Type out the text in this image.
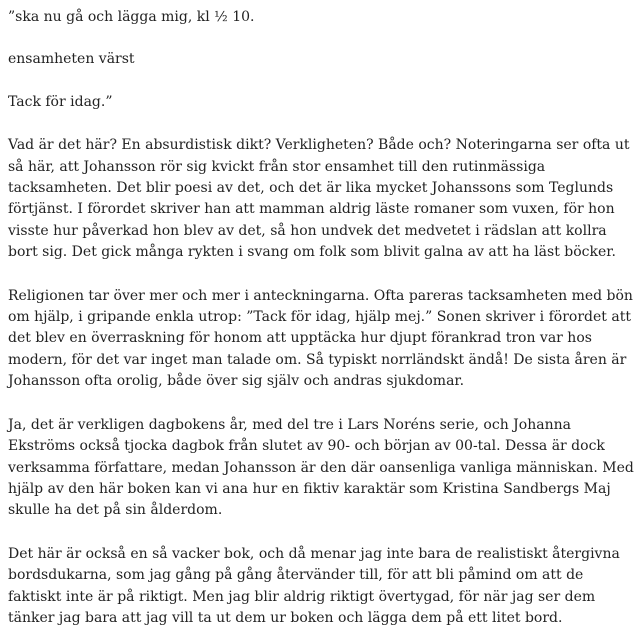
”ska nu gå och lägga mig, kl ½ 10.

ensamheten värst

Tack för idag.”

Vad är det här? En absurdistisk dikt? Verkligheten? Både och? Noteringarna ser ofta ut så här, att Johansson rör sig kvickt från stor ensamhet till den rutinmässiga tacksamheten. Det blir poesi av det, och det är lika mycket Johanssons som Teglunds förtjänst. I förordet skriver han att mamman aldrig läste romaner som vuxen, för hon visste hur påverkad hon blev av det, så hon undvek det medvetet i rädslan att kollra bort sig. Det gick många rykten i svang om folk som blivit galna av att ha läst böcker.

Religionen tar över mer och mer i anteckningarna. Ofta pareras tacksamheten med bön om hjälp, i gripande enkla utrop: ”Tack för idag, hjälp mej.” Sonen skriver i förordet att det blev en överraskning för honom att upptäcka hur djupt förankrad tron var hos modern, för det var inget man talade om. Så typiskt norrländskt ändå! De sista åren är Johansson ofta orolig, både över sig själv och andras sjukdomar.

Ja, det är verkligen dagbokens år, med del tre i Lars Noréns serie, och Johanna Ekströms också tjocka dagbok från slutet av 90- och början av 00-tal. Dessa är dock verksamma författare, medan Johansson är den där oansenliga vanliga människan. Med hjälp av den här boken kan vi ana hur en fiktiv karaktär som Kristina Sandbergs Maj skulle ha det på sin ålderdom.

Det här är också en så vacker bok, och då menar jag inte bara de realistiskt återgivna bordsdukarna, som jag gång på gång återvänder till, för att bli påmind om att de faktiskt inte är på riktigt. Men jag blir aldrig riktigt övertygad, för när jag ser dem tänker jag bara att jag vill ta ut dem ur boken och lägga dem på ett litet bord.
